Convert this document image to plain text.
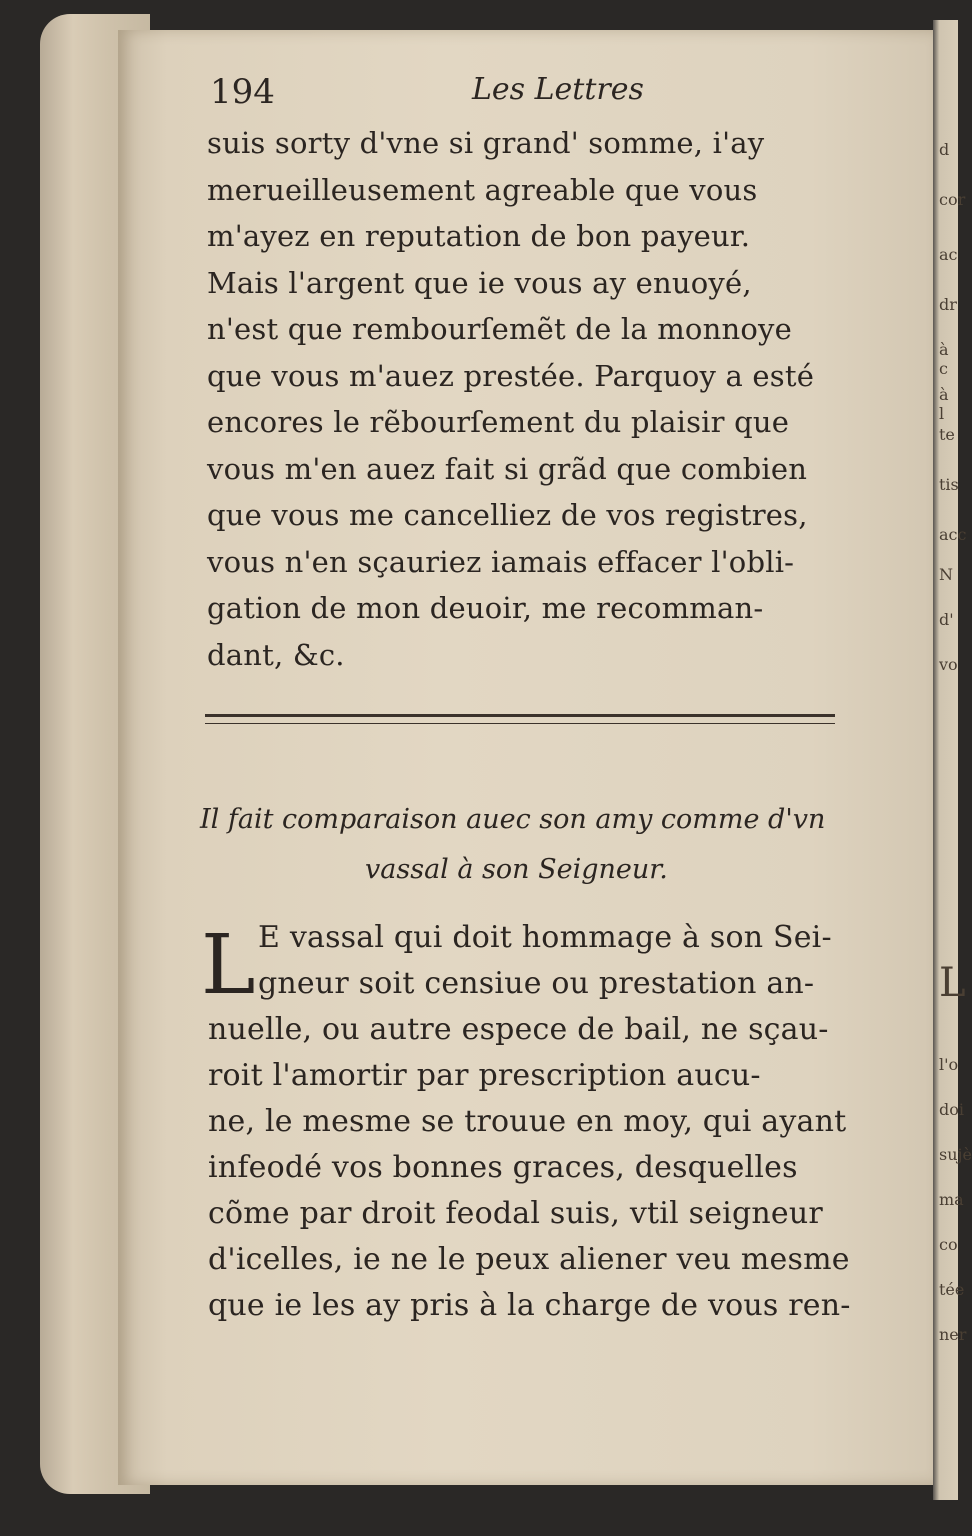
d
cor
ac
dr
à c
à l
te
tis
acc
N
d'
vo
L
l'o
doi
sujè
ma
co
tée
ner
194	Les Lettres
suis sorty d'vne si grand' somme, i'ay
merueilleusement agreable que vous
m'ayez en reputation de bon payeur.
Mais l'argent que ie vous ay enuoyé,
n'est que rembourſemẽt de la monnoye
que vous m'auez prestée. Parquoy a esté
encores le rẽbourſement du plaisir que
vous m'en auez fait si grãd que combien
que vous me cancelliez de vos registres,
vous n'en sçauriez iamais effacer l'obli-
gation de mon deuoir, me recomman-
dant, &c.
Il fait comparaison auec son amy comme d'vn
vassal à son Seigneur.
L E vassal qui doit hommage à son Sei-
gneur soit censiue ou prestation an-
nuelle, ou autre espece de bail, ne sçau-
roit l'amortir par prescription aucu-
ne, le mesme se trouue en moy, qui ayant
infeodé vos bonnes graces, desquelles
cõme par droit feodal suis, vtil seigneur
d'icelles, ie ne le peux aliener veu mesme
que ie les ay pris à la charge de vous ren-
